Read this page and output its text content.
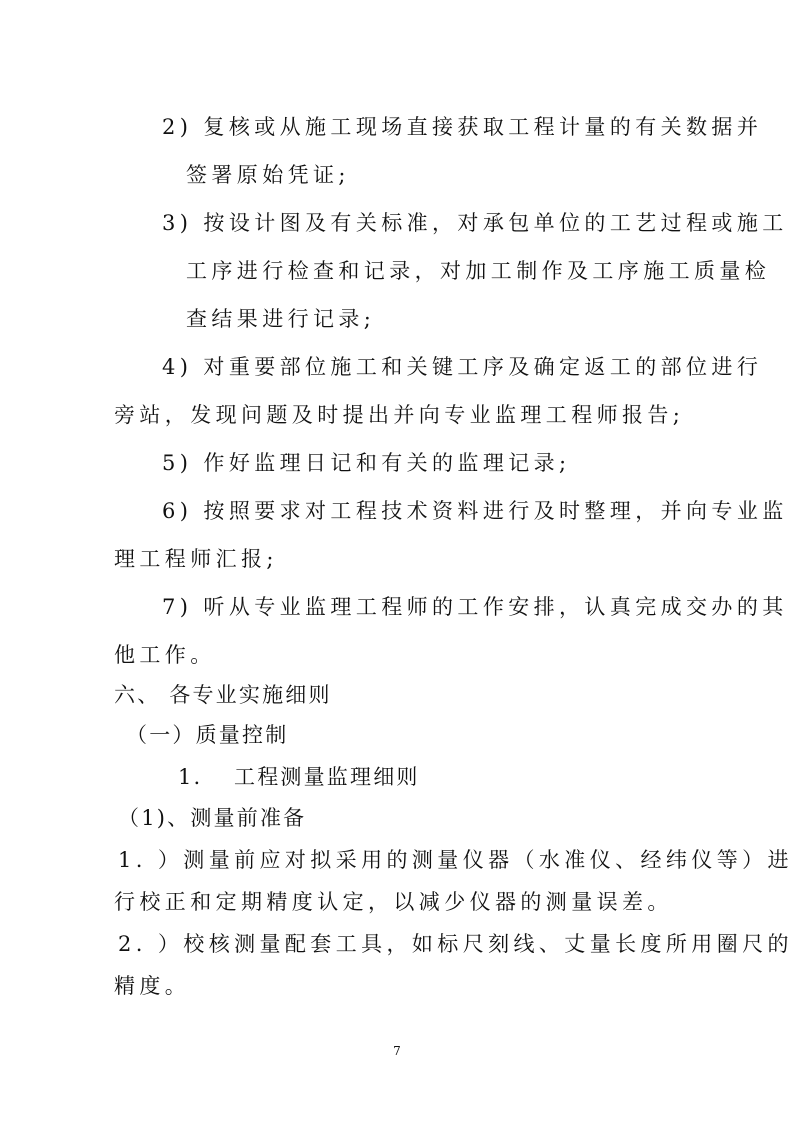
2) 复核或从施工现场直接获取工程计量的有关数据并
签署原始凭证;
3) 按设计图及有关标准，对承包单位的工艺过程或施工
工序进行检查和记录，对加工制作及工序施工质量检
查结果进行记录;
4) 对重要部位施工和关键工序及确定返工的部位进行
旁站，发现问题及时提出并向专业监理工程师报告;
5) 作好监理日记和有关的监理记录;
6) 按照要求对工程技术资料进行及时整理，并向专业监
理工程师汇报;
7) 听从专业监理工程师的工作安排，认真完成交办的其
他工作。
六、 各专业实施细则
（一）质量控制
1. 工程测量监理细则
（1)、测量前准备
1. ）测量前应对拟采用的测量仪器（水准仪、经纬仪等）进
行校正和定期精度认定，以减少仪器的测量误差。
2. ）校核测量配套工具，如标尺刻线、丈量长度所用圈尺的
精度。
7
